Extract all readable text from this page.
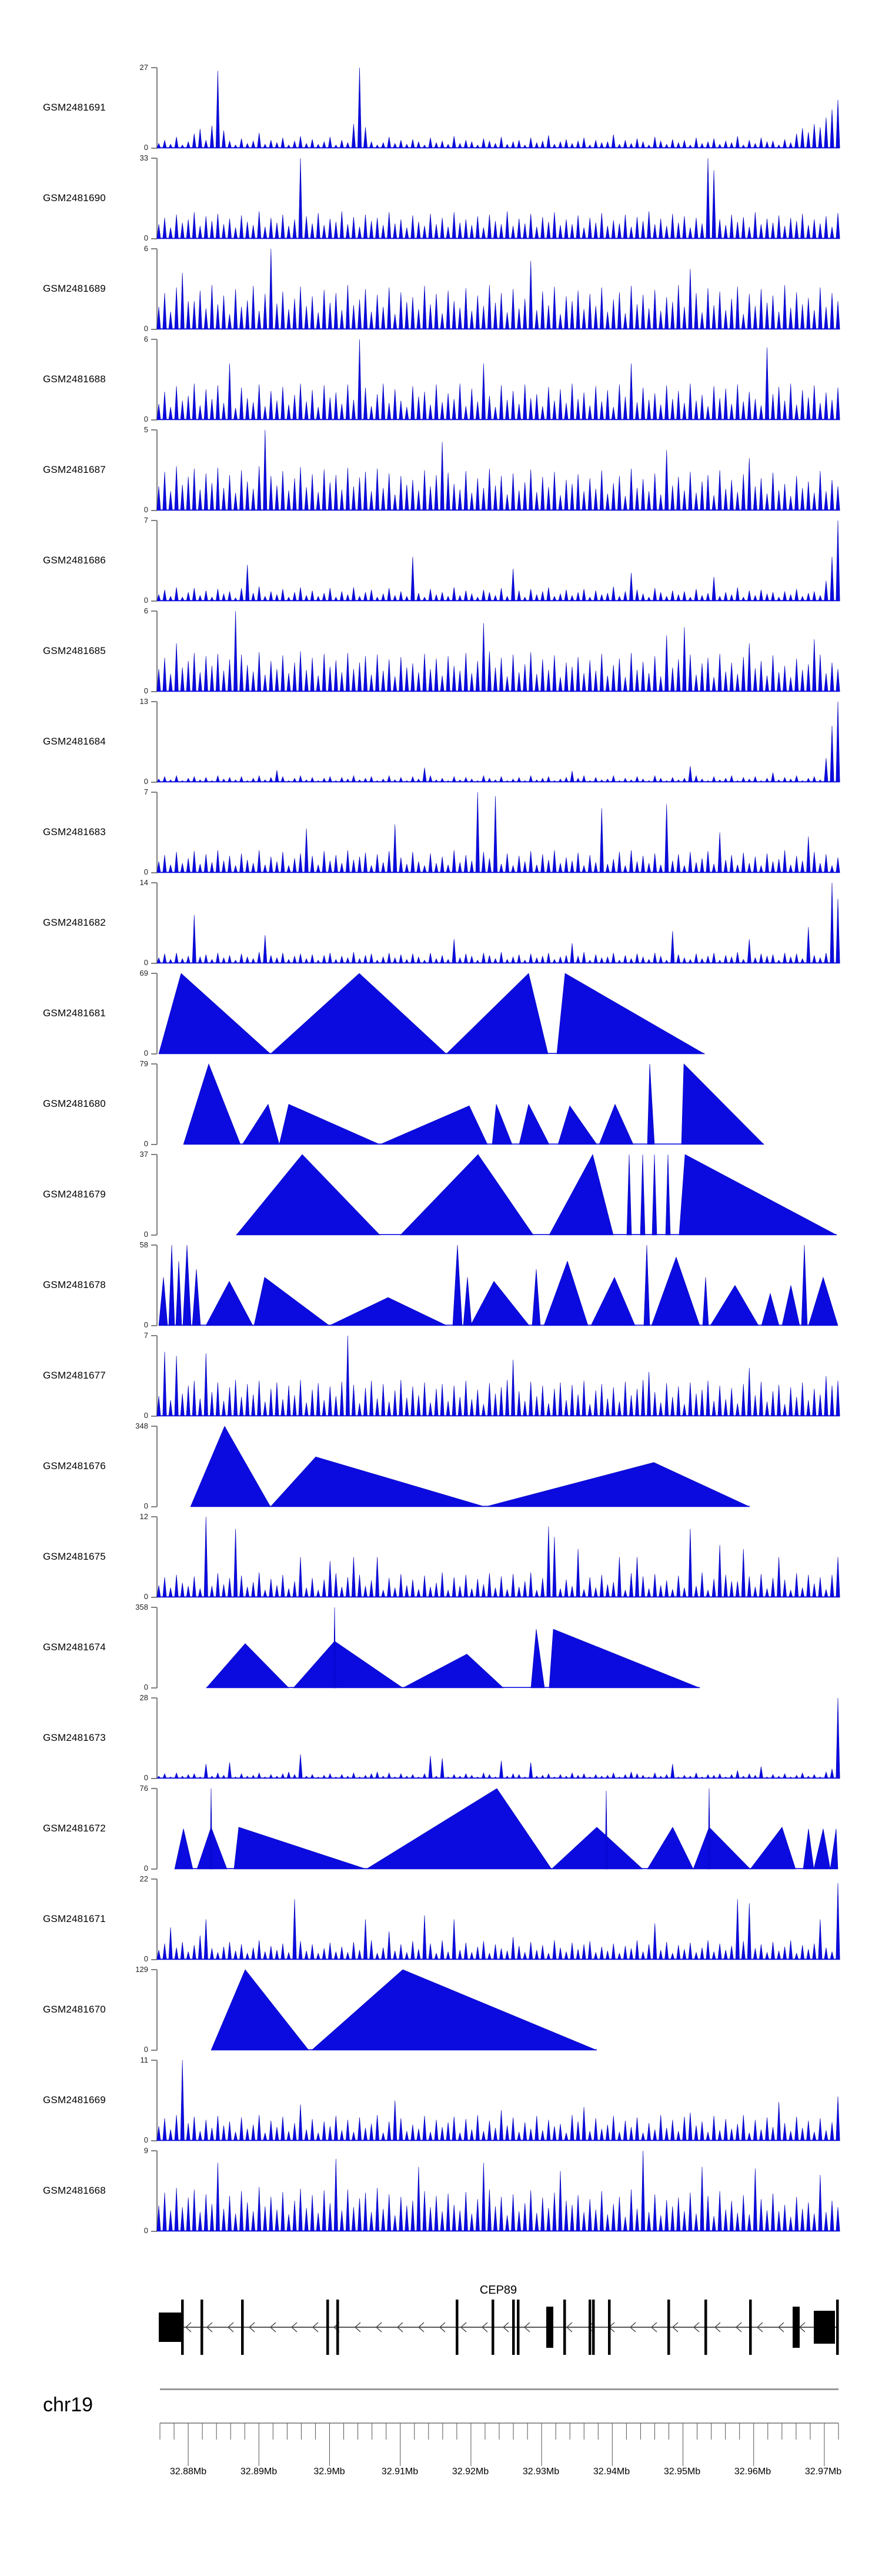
GSM2481691
27
0
GSM2481690
33
0
GSM2481689
6
0
GSM2481688
6
0
GSM2481687
5
0
GSM2481686
7
0
GSM2481685
6
0
GSM2481684
13
0
GSM2481683
7
0
GSM2481682
14
0
GSM2481681
69
0
GSM2481680
79
0
GSM2481679
37
0
GSM2481678
58
0
GSM2481677
7
0
GSM2481676
348
0
GSM2481675
12
0
GSM2481674
358
0
GSM2481673
28
0
GSM2481672
76
0
GSM2481671
22
0
GSM2481670
129
0
GSM2481669
11
0
GSM2481668
9
0
CEP89
chr19
32.88Mb	32.89Mb	32.9Mb	32.91Mb	32.92Mb	32.93Mb	32.94Mb	32.95Mb	32.96Mb	32.97Mb
